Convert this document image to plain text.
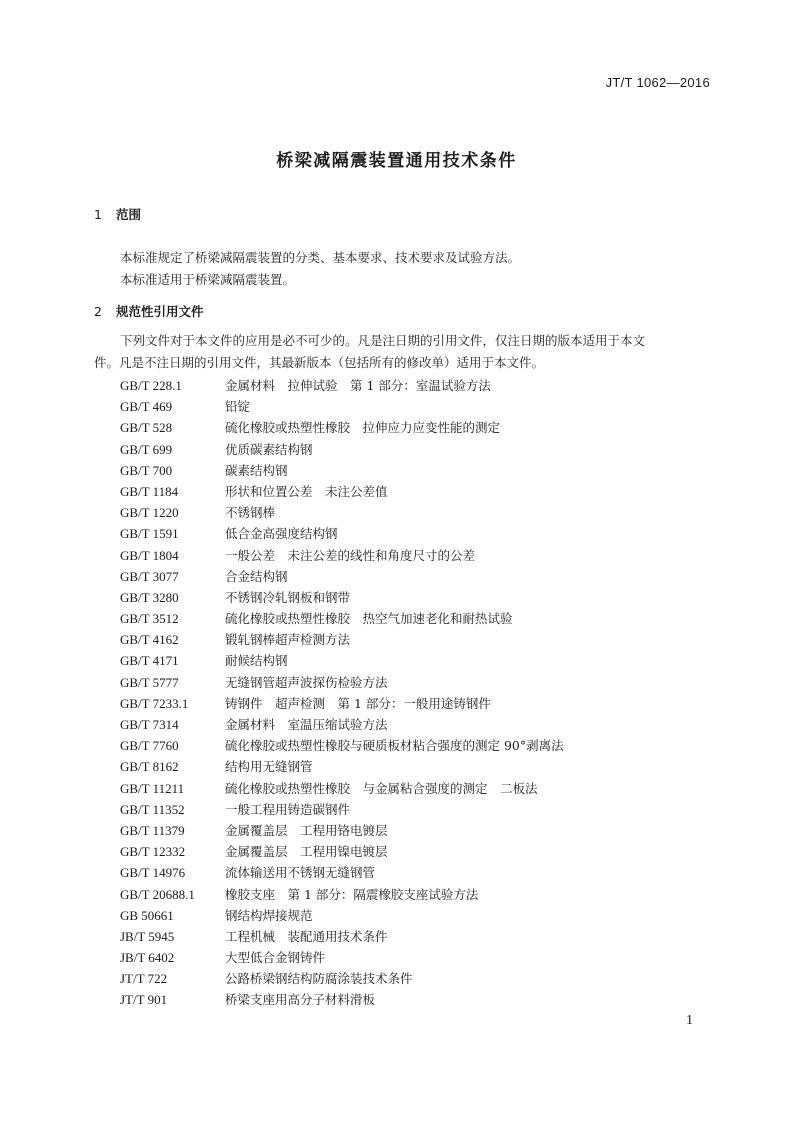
JT/T 1062—2016
桥梁减隔震装置通用技术条件
1 范围
本标准规定了桥梁减隔震装置的分类、基本要求、技术要求及试验方法。
本标准适用于桥梁减隔震装置。
2 规范性引用文件
下列文件对于本文件的应用是必不可少的。凡是注日期的引用文件，仅注日期的版本适用于本文
件。凡是不注日期的引用文件，其最新版本（包括所有的修改单）适用于本文件。
GB/T 228.1	金属材料　拉伸试验　第 1 部分：室温试验方法
GB/T 469	铅锭
GB/T 528	硫化橡胶或热塑性橡胶　拉伸应力应变性能的测定
GB/T 699	优质碳素结构钢
GB/T 700	碳素结构钢
GB/T 1184	形状和位置公差　未注公差值
GB/T 1220	不锈钢棒
GB/T 1591	低合金高强度结构钢
GB/T 1804	一般公差　未注公差的线性和角度尺寸的公差
GB/T 3077	合金结构钢
GB/T 3280	不锈钢冷轧钢板和钢带
GB/T 3512	硫化橡胶或热塑性橡胶　热空气加速老化和耐热试验
GB/T 4162	锻轧钢棒超声检测方法
GB/T 4171	耐候结构钢
GB/T 5777	无缝钢管超声波探伤检验方法
GB/T 7233.1	铸钢件　超声检测　第 1 部分：一般用途铸钢件
GB/T 7314	金属材料　室温压缩试验方法
GB/T 7760	硫化橡胶或热塑性橡胶与硬质板材粘合强度的测定 90°剥离法
GB/T 8162	结构用无缝钢管
GB/T 11211	硫化橡胶或热塑性橡胶　与金属粘合强度的测定　二板法
GB/T 11352	一般工程用铸造碳钢件
GB/T 11379	金属覆盖层　工程用铬电镀层
GB/T 12332	金属覆盖层　工程用镍电镀层
GB/T 14976	流体输送用不锈钢无缝钢管
GB/T 20688.1 橡胶支座　第 1 部分：隔震橡胶支座试验方法
GB 50661	钢结构焊接规范
JB/T 5945	工程机械　装配通用技术条件
JB/T 6402	大型低合金钢铸件
JT/T 722	公路桥梁钢结构防腐涂装技术条件
JT/T 901	桥梁支座用高分子材料滑板
1
